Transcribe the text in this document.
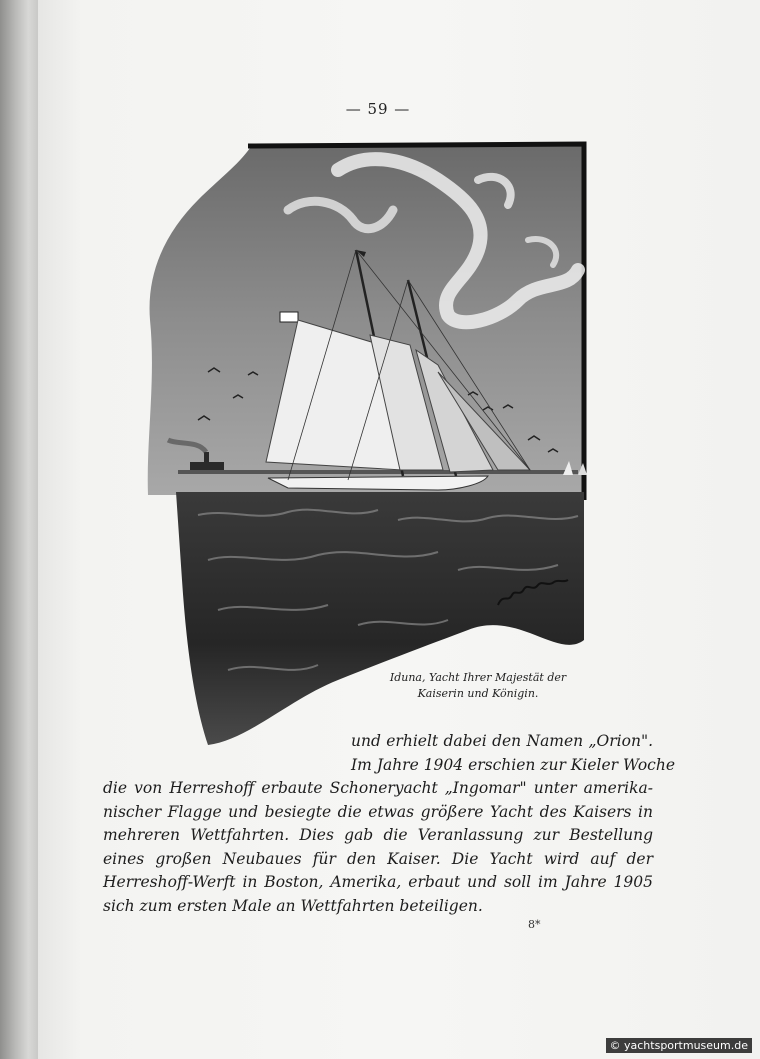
— 59 —
Iduna, Yacht Ihrer Majestät der
Kaiserin und Königin.
und erhielt dabei den Namen „Orion".
Im Jahre 1904 erschien zur Kieler Woche
die von Herreshoff erbaute Schoneryacht „Ingomar" unter amerika-
nischer Flagge und besiegte die etwas größere Yacht des Kaisers in
mehreren Wettfahrten. Dies gab die Veranlassung zur Bestellung
eines großen Neubaues für den Kaiser. Die Yacht wird auf der
Herreshoff-Werft in Boston, Amerika, erbaut und soll im Jahre 1905
sich zum ersten Male an Wettfahrten beteiligen.
8*
© yachtsportmuseum.de
